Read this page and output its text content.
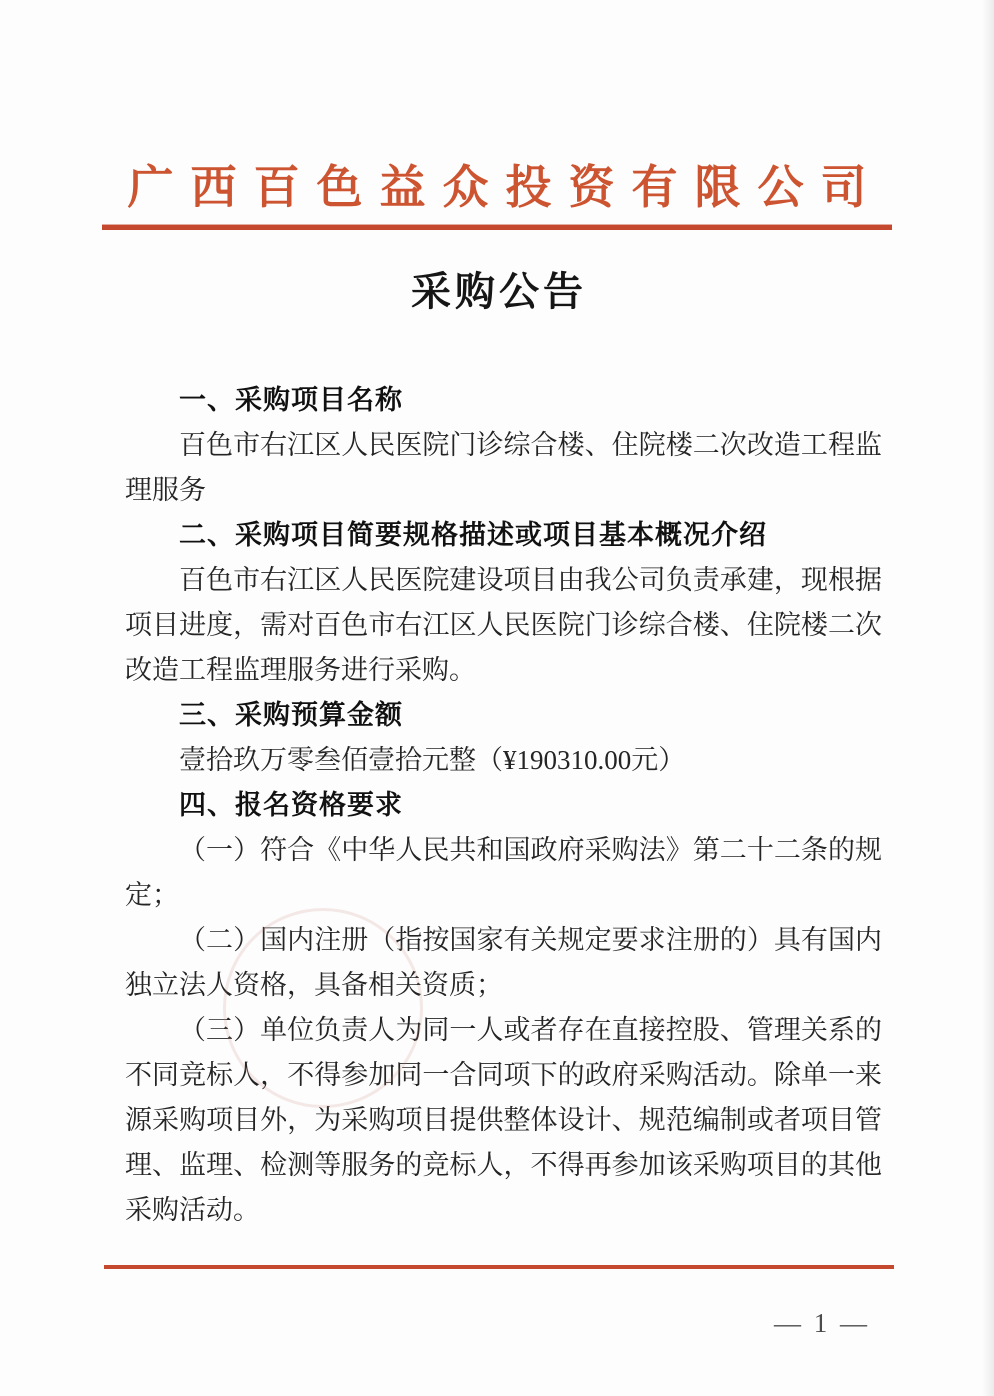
广西百色益众投资有限公司
采购公告
一、采购项目名称

百色市右江区人民医院门诊综合楼、住院楼二次改造工程监理服务

二、采购项目简要规格描述或项目基本概况介绍

百色市右江区人民医院建设项目由我公司负责承建，现根据项目进度，需对百色市右江区人民医院门诊综合楼、住院楼二次改造工程监理服务进行采购。

三、采购预算金额

壹拾玖万零叁佰壹拾元整（¥190310.00元）

四、报名资格要求

（一）符合《中华人民共和国政府采购法》第二十二条的规定；

（二）国内注册（指按国家有关规定要求注册的）具有国内独立法人资格，具备相关资质；

（三）单位负责人为同一人或者存在直接控股、管理关系的不同竞标人，不得参加同一合同项下的政府采购活动。除单一来源采购项目外，为采购项目提供整体设计、规范编制或者项目管理、监理、检测等服务的竞标人，不得再参加该采购项目的其他采购活动。

— 1 —
